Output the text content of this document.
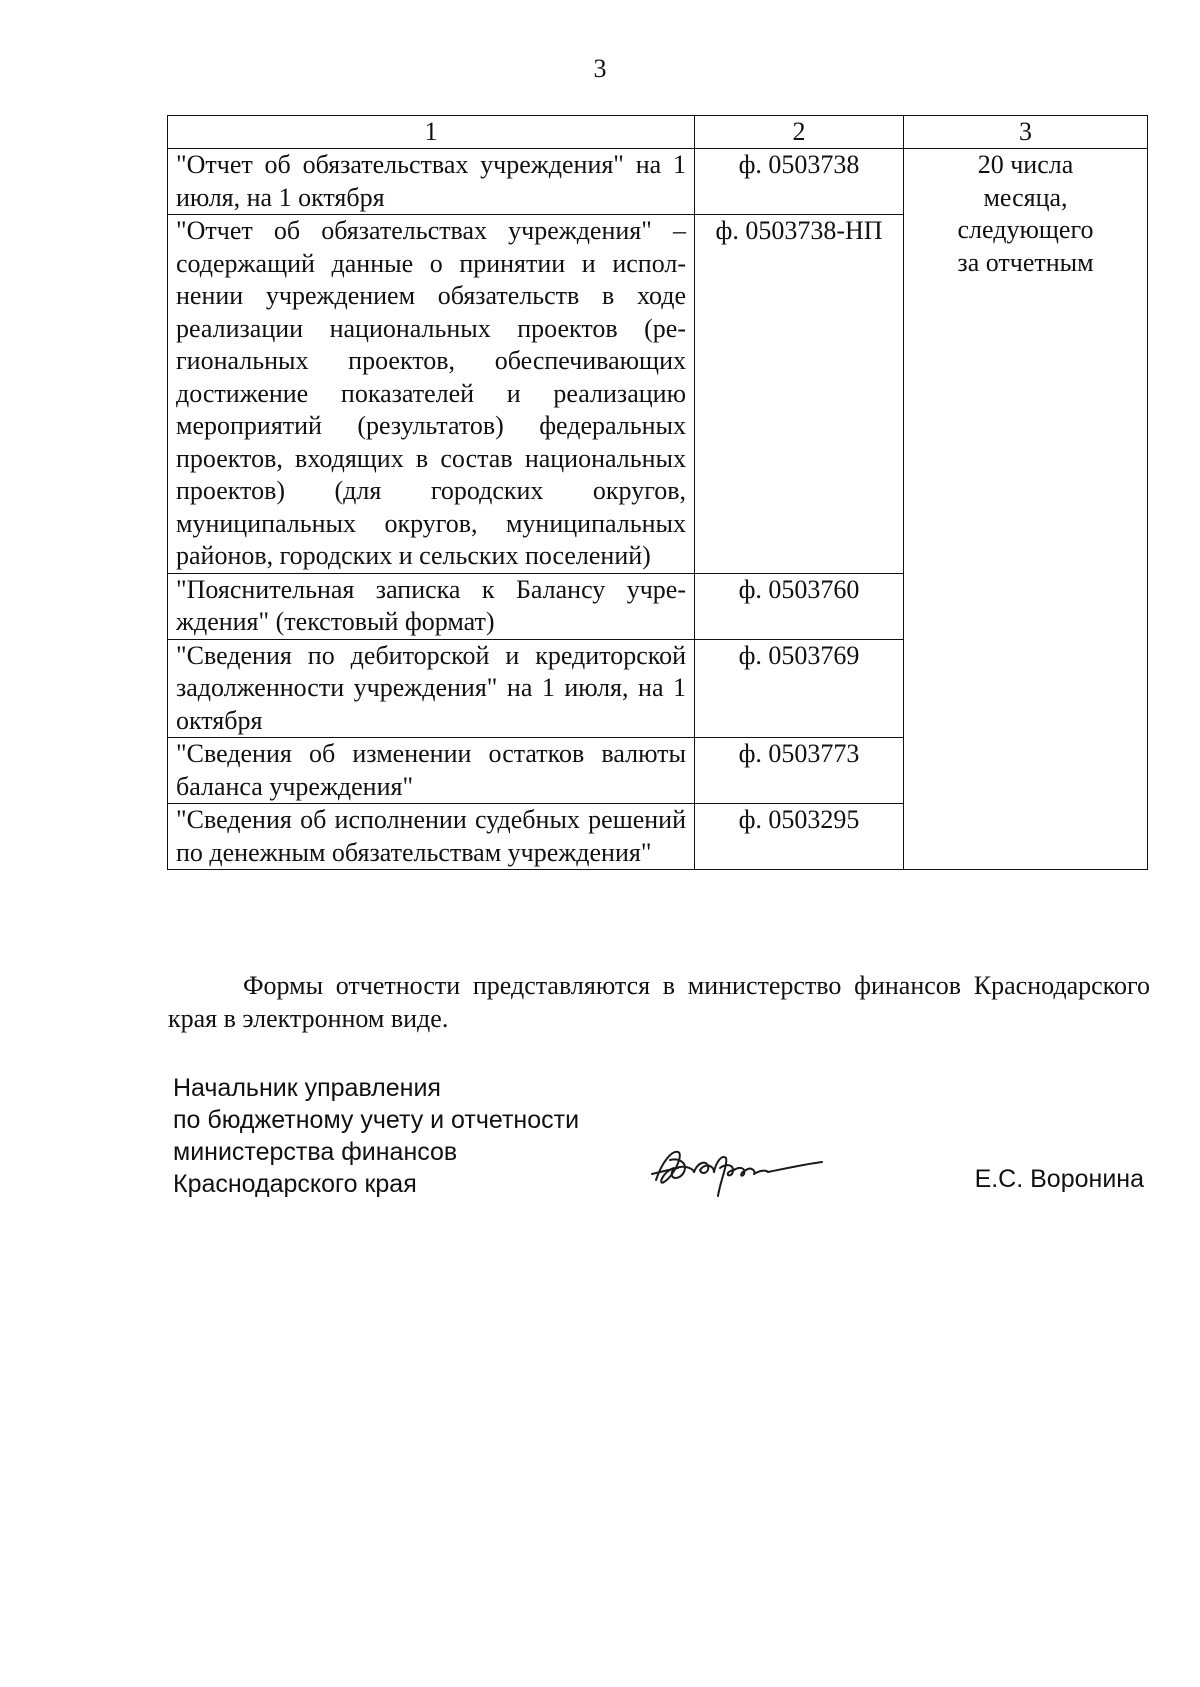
3
1	2	3
"Отчет об обязательствах учреждения" на 1 июля, на 1 октября	ф. 0503738	20 числа
месяца,
следующего
за отчетным

"Отчет об обязательствах учреждения" – содержащий данные о принятии и исполнении учреждением обязательств в ходе реализации национальных проектов (региональных проектов, обеспечивающих достижение показателей и реализацию мероприятий (результатов) федеральных проектов, входящих в состав национальных проектов) (для городских округов, муниципальных округов, муниципальных районов, городских и сельских поселений)	ф. 0503738-НП	
"Пояснительная записка к Балансу учреждения" (текстовый формат)	ф. 0503760	
"Сведения по дебиторской и кредиторской задолженности учреждения" на 1 июля, на 1 октября	ф. 0503769	
"Сведения об изменении остатков валюты баланса учреждения"	ф. 0503773	
"Сведения об исполнении судебных решений по денежным обязательствам учреждения"	ф. 0503295	

Формы отчетности представляются в министерство финансов Краснодарского края в электронном виде.

Начальник управления
по бюджетному учету и отчетности
министерства финансов
Краснодарского края	Е.С. Воронина
